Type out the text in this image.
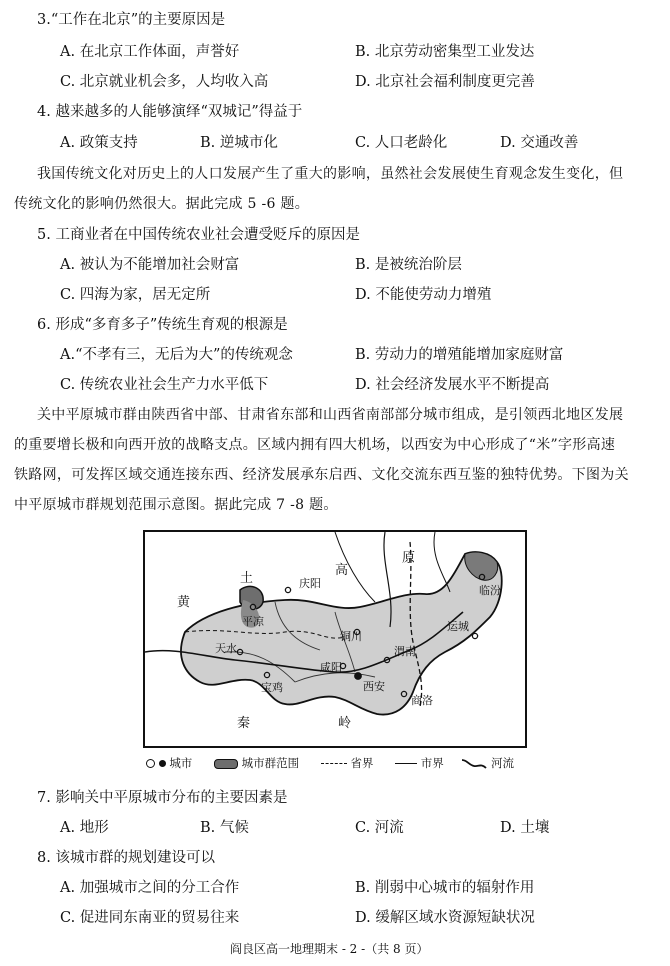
3.“工作在北京”的主要原因是
A. 在北京工作体面，声誉好	B. 北京劳动密集型工业发达
C. 北京就业机会多，人均收入高	D. 北京社会福利制度更完善
4. 越来越多的人能够演绎“双城记”得益于
A. 政策支持	B. 逆城市化	C. 人口老龄化	D. 交通改善
我国传统文化对历史上的人口发展产生了重大的影响，虽然社会发展使生育观念发生变化，但
传统文化的影响仍然很大。据此完成 5 -6 题。
5. 工商业者在中国传统农业社会遭受贬斥的原因是
A. 被认为不能增加社会财富	B. 是被统治阶层
C. 四海为家，居无定所	D. 不能使劳动力增殖
6. 形成“多育多子”传统生育观的根源是
A.“不孝有三，无后为大”的传统观念	B. 劳动力的增殖能增加家庭财富
C. 传统农业社会生产力水平低下	D. 社会经济发展水平不断提高
关中平原城市群由陕西省中部、甘肃省东部和山西省南部部分城市组成，是引领西北地区发展
的重要增长极和向西开放的战略支点。区域内拥有四大机场，以西安为中心形成了“米”字形高速
铁路网，可发挥区域交通连接东西、经济发展承东启西、文化交流东西互鉴的独特优势。下图为关
中平原城市群规划范围示意图。据此完成 7 -8 题。
黄
土
高
原
秦	岭
庆阳
临汾
平凉	运城
铜川
天水	渭南
咸阳
宝鸡	西安
商洛
城市	城市群范围	省界	市界	河流
7. 影响关中平原城市分布的主要因素是
A. 地形	B. 气候	C. 河流	D. 土壤
8. 该城市群的规划建设可以
A. 加强城市之间的分工合作	B. 削弱中心城市的辐射作用
C. 促进同东南亚的贸易往来	D. 缓解区域水资源短缺状况
阎良区高一地理期末 - 2 -（共 8 页）
